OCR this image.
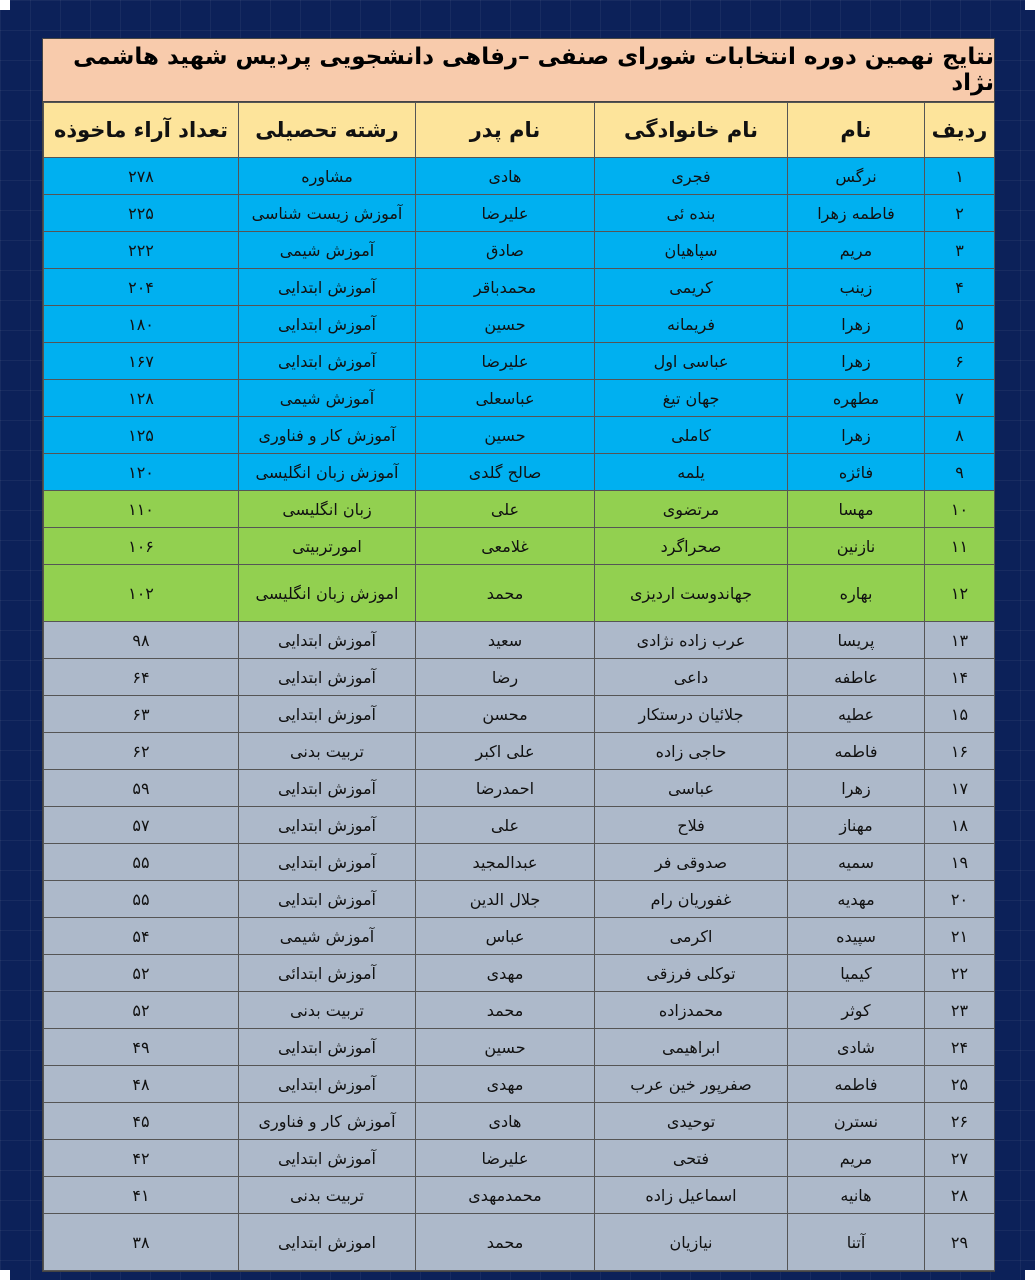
نتایج نهمین دوره انتخابات شورای صنفی –رفاهی دانشجویی پردیس شهید هاشمی نژاد
ردیف	نام	نام خانوادگی	نام پدر	رشته تحصیلی	تعداد آراء ماخوذه
۱	نرگس	فجری	هادی	مشاوره	۲۷۸
۲	فاطمه زهرا	بنده ئی	علیرضا	آموزش زیست شناسی	۲۲۵
۳	مریم	سپاهیان	صادق	آموزش شیمی	۲۲۲
۴	زینب	کریمی	محمدباقر	آموزش ابتدایی	۲۰۴
۵	زهرا	فریمانه	حسین	آموزش ابتدایی	۱۸۰
۶	زهرا	عباسی اول	علیرضا	آموزش ابتدایی	۱۶۷
۷	مطهره	جهان تیغ	عباسعلی	آموزش شیمی	۱۲۸
۸	زهرا	کاملی	حسین	آموزش کار و فناوری	۱۲۵
۹	فائزه	یلمه	صالح گلدی	آموزش زبان انگلیسی	۱۲۰
۱۰	مهسا	مرتضوی	علی	زبان انگلیسی	۱۱۰
۱۱	نازنین	صحراگرد	غلامعی	امورتربیتی	۱۰۶
۱۲	بهاره	جهاندوست اردیزی	محمد	اموزش زبان انگلیسی	۱۰۲
۱۳	پریسا	عرب زاده نژادی	سعید	آموزش ابتدایی	۹۸
۱۴	عاطفه	داعی	رضا	آموزش ابتدایی	۶۴
۱۵	عطیه	جلائیان درستکار	محسن	آموزش ابتدایی	۶۳
۱۶	فاطمه	حاجی زاده	علی اکبر	تربیت بدنی	۶۲
۱۷	زهرا	عباسی	احمدرضا	آموزش ابتدایی	۵۹
۱۸	مهناز	فلاح	علی	آموزش ابتدایی	۵۷
۱۹	سمیه	صدوقی فر	عبدالمجید	آموزش ابتدایی	۵۵
۲۰	مهدیه	غفوریان رام	جلال الدین	آموزش ابتدایی	۵۵
۲۱	سپیده	اکرمی	عباس	آموزش شیمی	۵۴
۲۲	کیمیا	توکلی فرزقی	مهدی	آموزش ابتدائی	۵۲
۲۳	کوثر	محمدزاده	محمد	تربیت بدنی	۵۲
۲۴	شادی	ابراهیمی	حسین	آموزش ابتدایی	۴۹
۲۵	فاطمه	صفرپور خین عرب	مهدی	آموزش ابتدایی	۴۸
۲۶	نسترن	توحیدی	هادی	آموزش کار و فناوری	۴۵
۲۷	مریم	فتحی	علیرضا	آموزش ابتدایی	۴۲
۲۸	هانیه	اسماعیل زاده	محمدمهدی	تربیت بدنی	۴۱
۲۹	آتنا	نیازیان	محمد	اموزش ابتدایی	۳۸
